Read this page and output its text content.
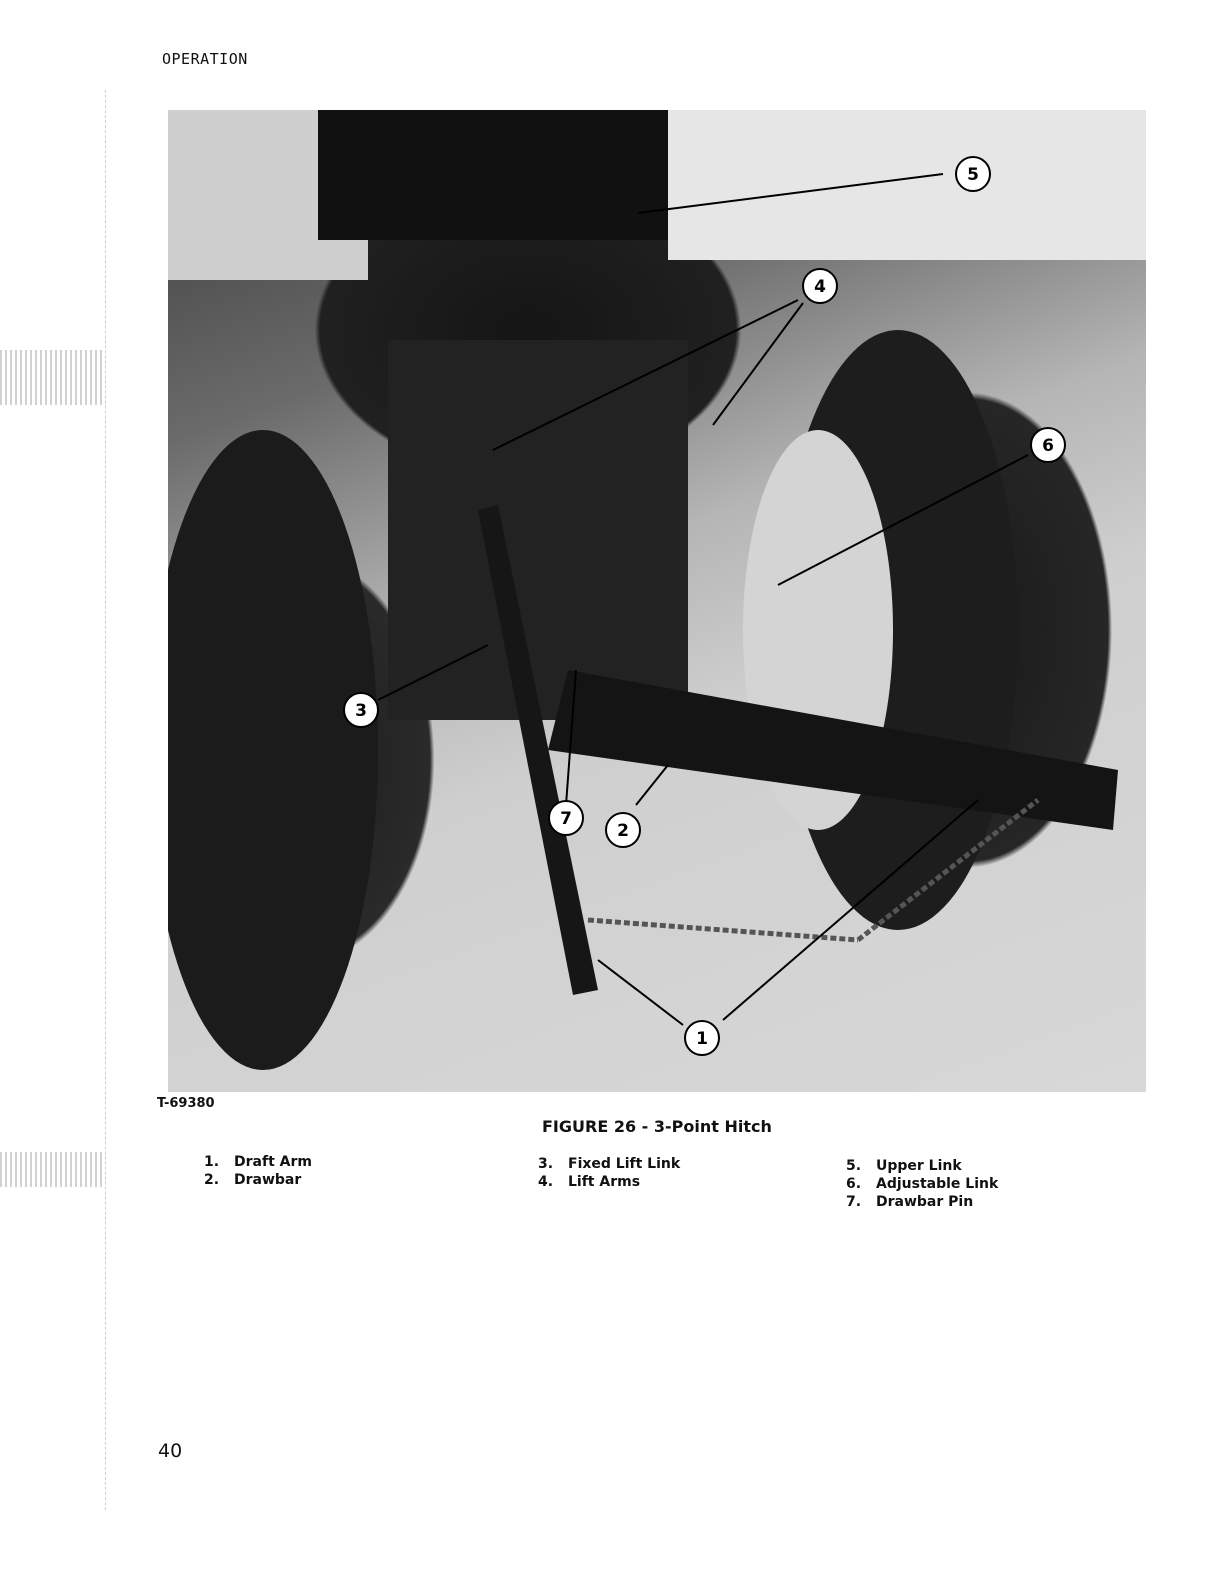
OPERATION
5
4
6
3
7
2
1
T-69380
FIGURE 26 - 3-Point Hitch
1. Draft Arm
2. Drawbar
3. Fixed Lift Link
4. Lift Arms
5. Upper Link
6. Adjustable Link
7. Drawbar Pin
40
